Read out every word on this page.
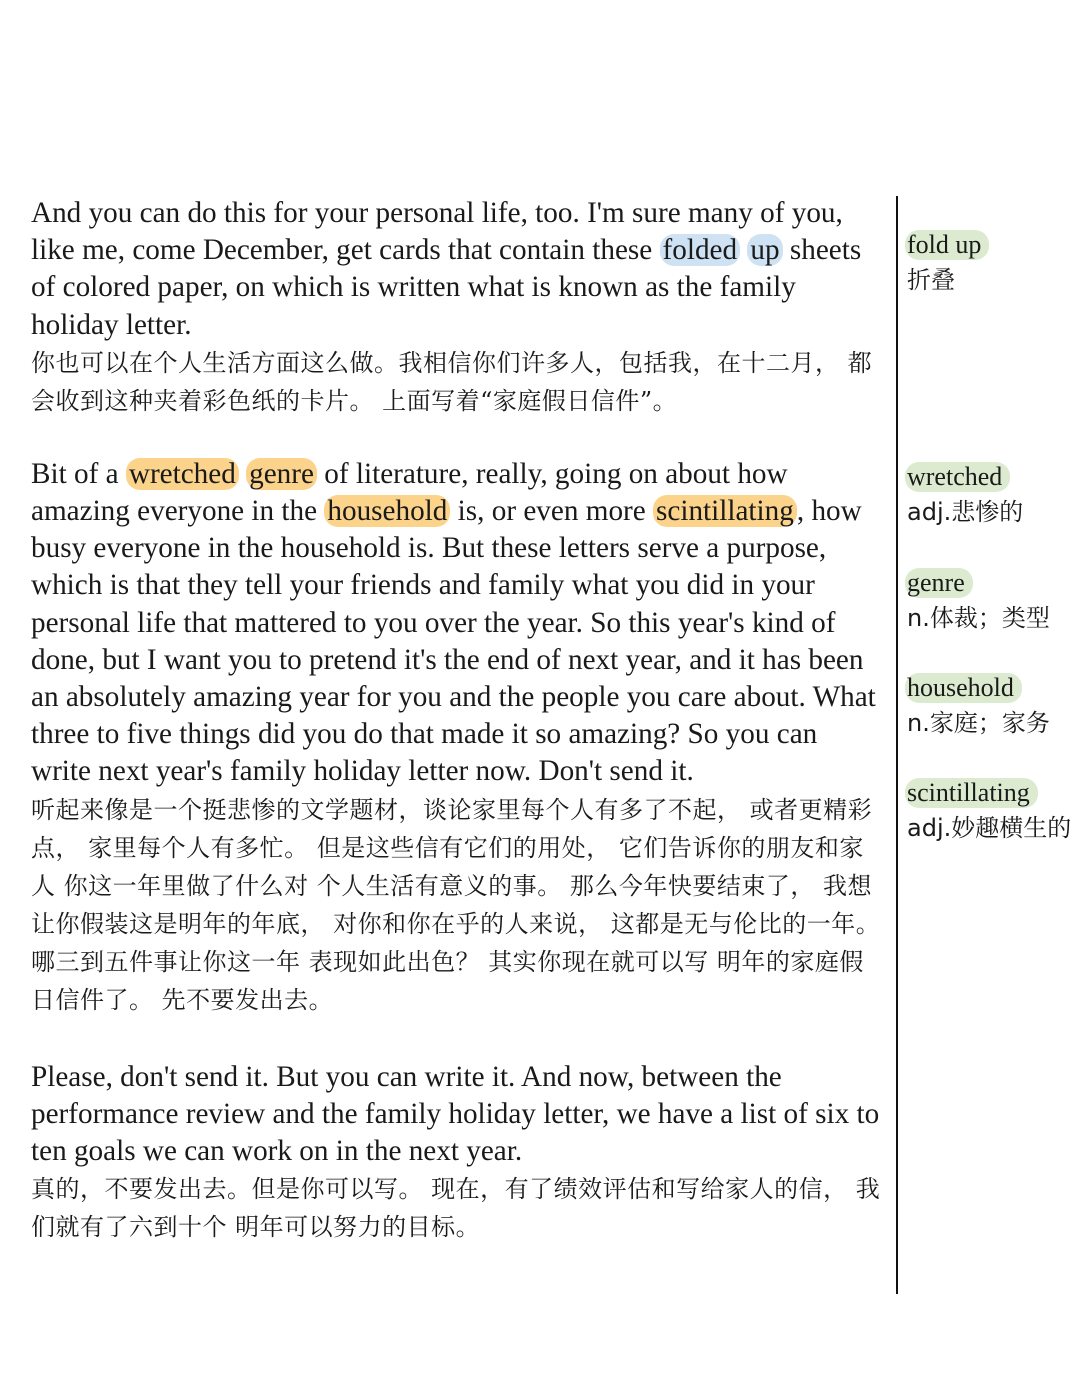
And you can do this for your personal life, too. I'm sure many of you, like me, come December, get cards that contain these folded up sheets of colored paper, on which is written what is known as the family holiday letter.

你也可以在个人生活方面这么做。我相信你们许多人，包括我，在十二月， 都会收到这种夹着彩色纸的卡片。 上面写着“家庭假日信件”。

Bit of a wretched genre of literature, really, going on about how amazing everyone in the household is, or even more scintillating , how busy everyone in the household is. But these letters serve a purpose, which is that they tell your friends and family what you did in your personal life that mattered to you over the year. So this year's kind of done, but I want you to pretend it's the end of next year, and it has been an absolutely amazing year for you and the people you care about. What three to five things did you do that made it so amazing? So you can write next year's family holiday letter now. Don't send it.

听起来像是一个挺悲惨的文学题材，谈论家里每个人有多了不起， 或者更精彩点， 家里每个人有多忙。 但是这些信有它们的用处， 它们告诉你的朋友和家人 你这一年里做了什么对 个人生活有意义的事。 那么今年快要结束了， 我想让你假装这是明年的年底， 对你和你在乎的人来说， 这都是无与伦比的一年。 哪三到五件事让你这一年 表现如此出色？ 其实你现在就可以写 明年的家庭假日信件了。 先不要发出去。

Please, don't send it. But you can write it. And now, between the performance review and the family holiday letter, we have a list of six to ten goals we can work on in the next year.

真的，不要发出去。但是你可以写。 现在，有了绩效评估和写给家人的信， 我们就有了六到十个 明年可以努力的目标。

fold up
折叠
wretched
adj.悲惨的
genre
n.体裁；类型
household
n.家庭；家务
scintillating
adj.妙趣横生的
